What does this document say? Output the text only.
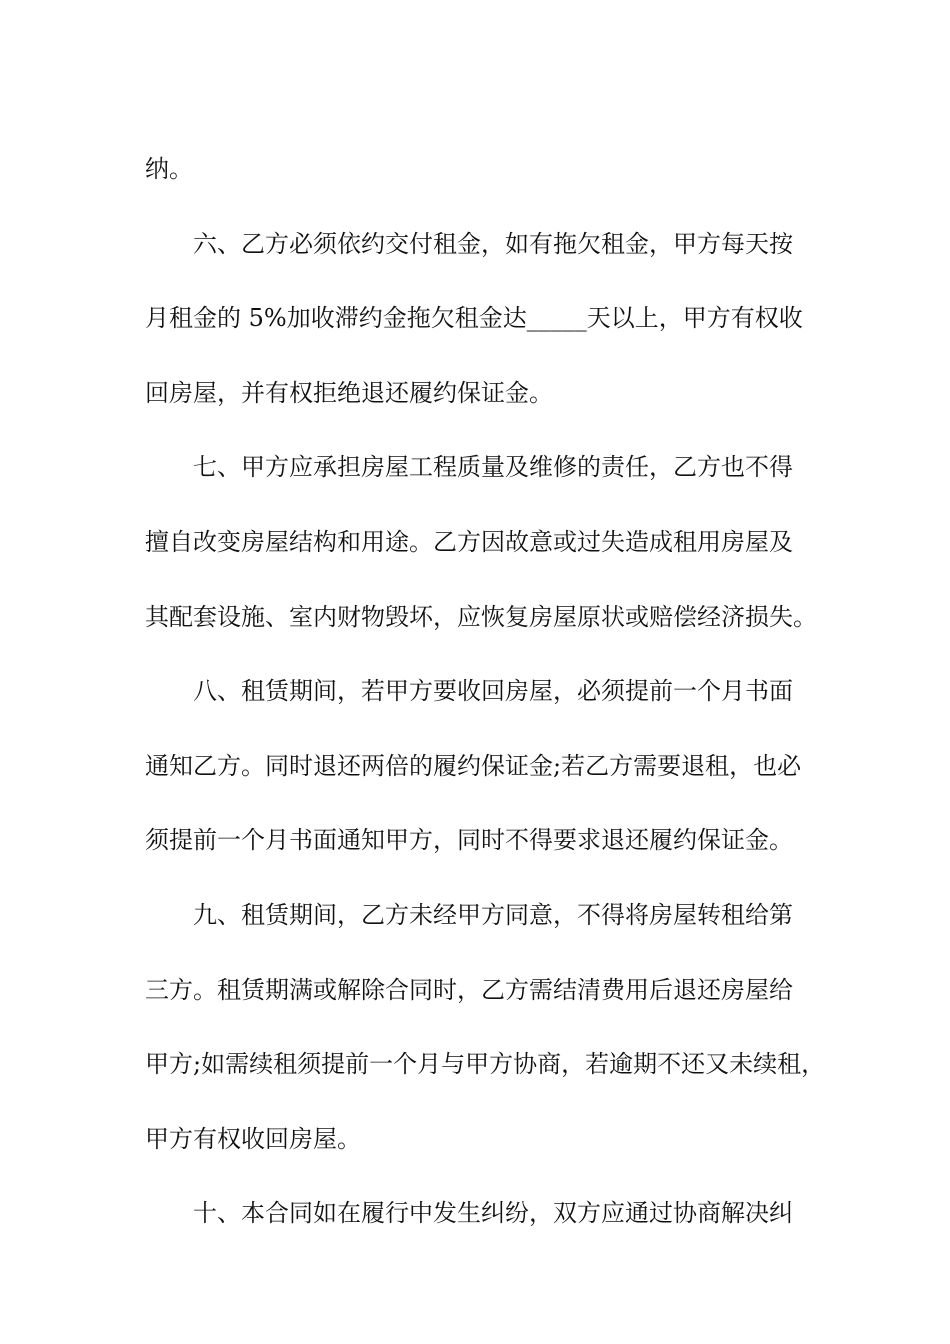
纳。
六、乙方必须依约交付租金，如有拖欠租金，甲方每天按
月租金的 5%加收滞约金拖欠租金达_____天以上，甲方有权收
回房屋，并有权拒绝退还履约保证金。
七、甲方应承担房屋工程质量及维修的责任，乙方也不得
擅自改变房屋结构和用途。乙方因故意或过失造成租用房屋及
其配套设施、室内财物毁坏，应恢复房屋原状或赔偿经济损失。
八、租赁期间，若甲方要收回房屋，必须提前一个月书面
通知乙方。同时退还两倍的履约保证金;若乙方需要退租，也必
须提前一个月书面通知甲方，同时不得要求退还履约保证金。
九、租赁期间，乙方未经甲方同意，不得将房屋转租给第
三方。租赁期满或解除合同时，乙方需结清费用后退还房屋给
甲方;如需续租须提前一个月与甲方协商，若逾期不还又未续租，
甲方有权收回房屋。
十、本合同如在履行中发生纠纷，双方应通过协商解决纠
